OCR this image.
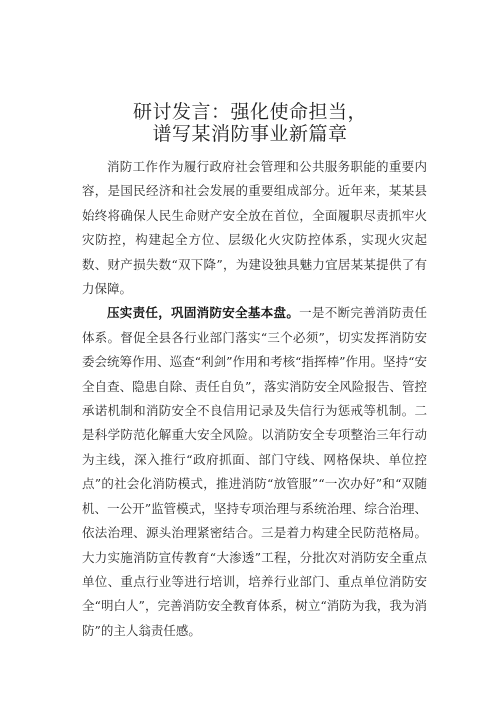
研讨发言：强化使命担当，
谱写某消防事业新篇章

消防工作作为履行政府社会管理和公共服务职能的重要内容，是国民经济和社会发展的重要组成部分。近年来，某某县始终将确保人民生命财产安全放在首位，全面履职尽责抓牢火灾防控，构建起全方位、层级化火灾防控体系，实现火灾起数、财产损失数“双下降”，为建设独具魅力宜居某某提供了有力保障。

压实责任，巩固消防安全基本盘。一是不断完善消防责任体系。督促全县各行业部门落实“三个必须”，切实发挥消防安委会统筹作用、巡查“利剑”作用和考核“指挥棒”作用。坚持“安全自查、隐患自除、责任自负”，落实消防安全风险报告、管控承诺机制和消防安全不良信用记录及失信行为惩戒等机制。二是科学防范化解重大安全风险。以消防安全专项整治三年行动为主线，深入推行“政府抓面、部门守线、网格保块、单位控点”的社会化消防模式，推进消防“放管服”“一次办好”和“双随机、一公开”监管模式，坚持专项治理与系统治理、综合治理、依法治理、源头治理紧密结合。三是着力构建全民防范格局。大力实施消防宣传教育“大渗透”工程，分批次对消防安全重点单位、重点行业等进行培训，培养行业部门、重点单位消防安全“明白人”，完善消防安全教育体系，树立“消防为我，我为消防”的主人翁责任感。
